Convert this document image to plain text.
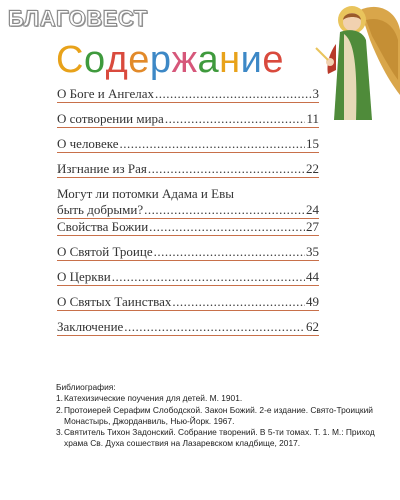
БЛАГОВЕСТ
Содержание
О Боге и Ангелах .....	3
О сотворении мира .....	11
О человеке .....	15
Изгнание из Рая .....	22
Могут ли потомки Адама и Евы
быть добрыми? .....	24
Свойства Божии .....	27
О Святой Троице .....	35
О Церкви .....	44
О Святых Таинствах .....	49
Заключение .....	62
Библиография:
1. Катехизические поучения для детей. М. 1901.
2. Протоиерей Серафим Слободской. Закон Божий. 2-е издание. Свято-Троицкий Монастырь, Джорданвиль, Нью-Йорк. 1967.
3. Святитель Тихон Задонский. Собрание творений. В 5-ти томах. Т. 1. М.: Приход храма Св. Духа сошествия на Лазаревском кладбище, 2017.
